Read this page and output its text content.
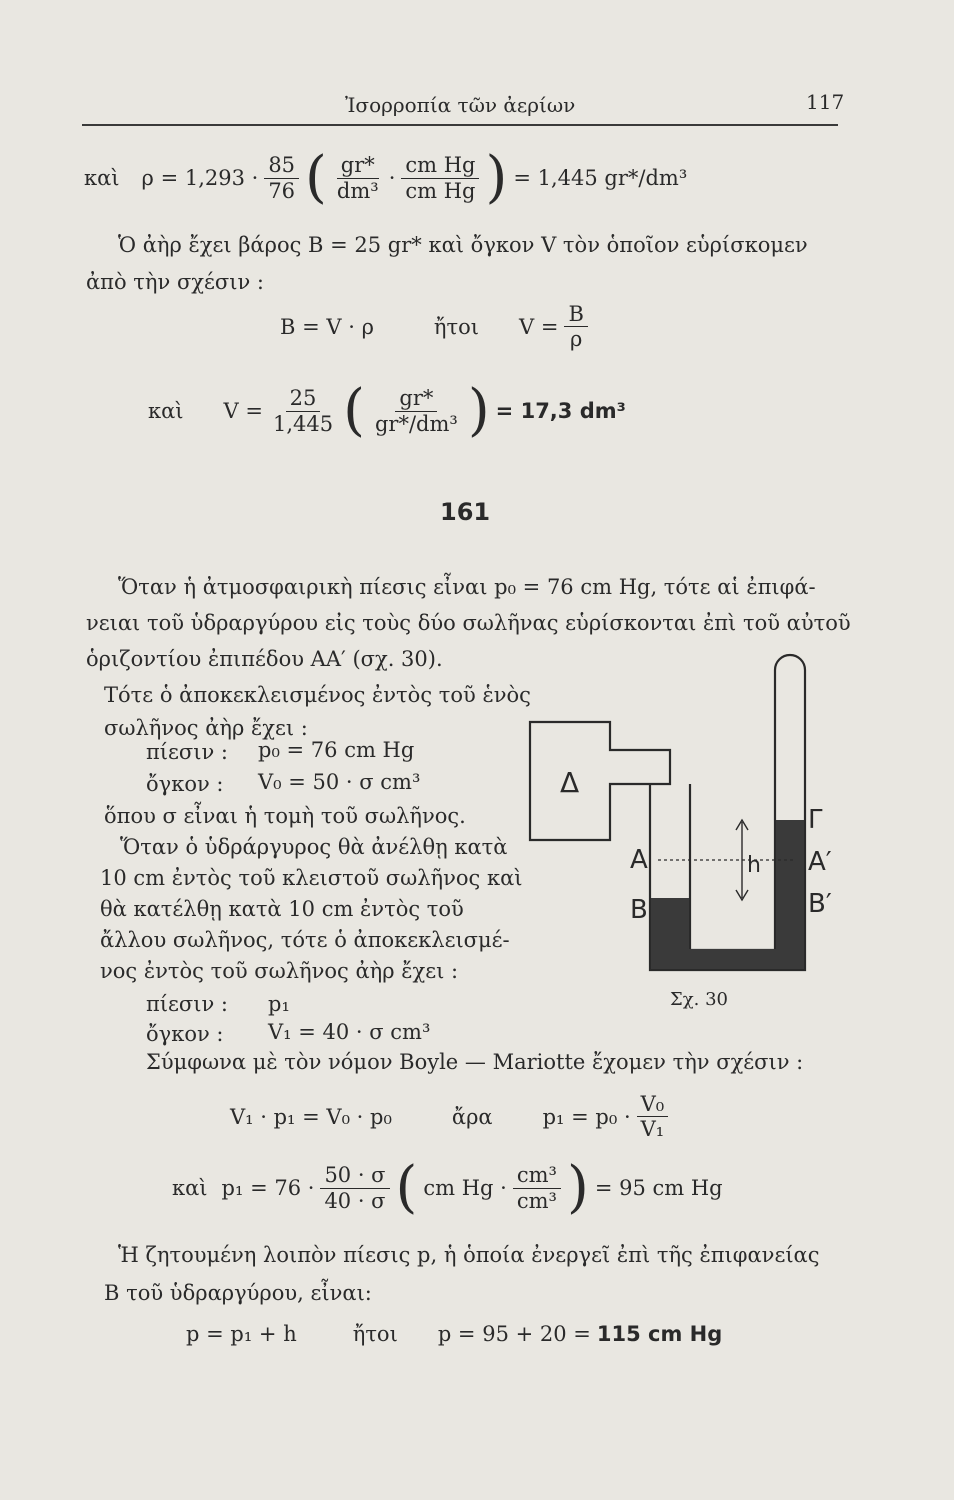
Ἰσορροπία τῶν ἀερίων	117
καὶ $\rho = 1,293 \cdot \frac{85}{76}$ ( $\frac{gr*}{\text{dm³}} \cdot \frac{\text{cm Hg}}{\text{cm Hg}}$ ) = 1,445 gr*/dm³
Ὁ ἀὴρ ἔχει βάρος B = 25 gr* καὶ ὄγκον V τὸν ὁποῖον εὑρίσκομεν
ἀπὸ τὴν σχέσιν :
B = V · ρ	ἤτοι $V = \frac{B}{\rho}$
καὶ $V = \frac{25}{1,445}$ ( $\frac{gr*}{\text{gr*/dm³}}$ ) = 17,3 dm³
161
Ὅταν ἡ ἀτμοσφαιρικὴ πίεσις εἶναι p₀ = 76 cm Hg, τότε αἱ ἐπιφά-
νειαι τοῦ ὑδραργύρου εἰς τοὺς δύο σωλῆνας εὑρίσκονται ἐπὶ τοῦ αὐτοῦ
ὁριζοντίου ἐπιπέδου AA′ (σχ. 30).
Τότε ὁ ἀποκεκλεισμένος ἐντὸς τοῦ ἑνὸς
σωλῆνος ἀὴρ ἔχει :
πίεσιν : p₀ = 76 cm Hg
ὄγκον : V₀ = 50 · σ cm³
ὅπου σ εἶναι ἡ τομὴ τοῦ σωλῆνος.
Ὅταν ὁ ὑδράργυρος θὰ ἀνέλθῃ κατὰ
10 cm ἐντὸς τοῦ κλειστοῦ σωλῆνος καὶ
θὰ κατέλθῃ κατὰ 10 cm ἐντὸς τοῦ
ἄλλου σωλῆνος, τότε ὁ ἀποκεκλεισμέ-
νος ἐντὸς τοῦ σωλῆνος ἀὴρ ἔχει :
πίεσιν : p₁
ὄγκον : V₁ = 40 · σ cm³
Σύμφωνα μὲ τὸν νόμον Boyle — Mariotte ἔχομεν τὴν σχέσιν :
V₁ · p₁ = V₀ · p₀	ἄρα $p_1 = p_0 \cdot \frac{\text{V₀}}{\text{V₁}}$
καὶ $p_1 = 76 \cdot \frac{50 \cdot \sigma}{40 \cdot \sigma}$ ( cm $Hg \cdot \frac{\text{cm³}}{\text{cm³}}$ ) = 95 cm Hg
Ἡ ζητουμένη λοιπὸν πίεσις p, ἡ ὁποία ἐνεργεῖ ἐπὶ τῆς ἐπιφανείας
B τοῦ ὑδραργύρου, εἶναι:
p = p₁ + h	ἤτοι p = 95 + 20 = 115 cm Hg
Δ
A
B
h
Γ
A′
B′
Σχ. 30
